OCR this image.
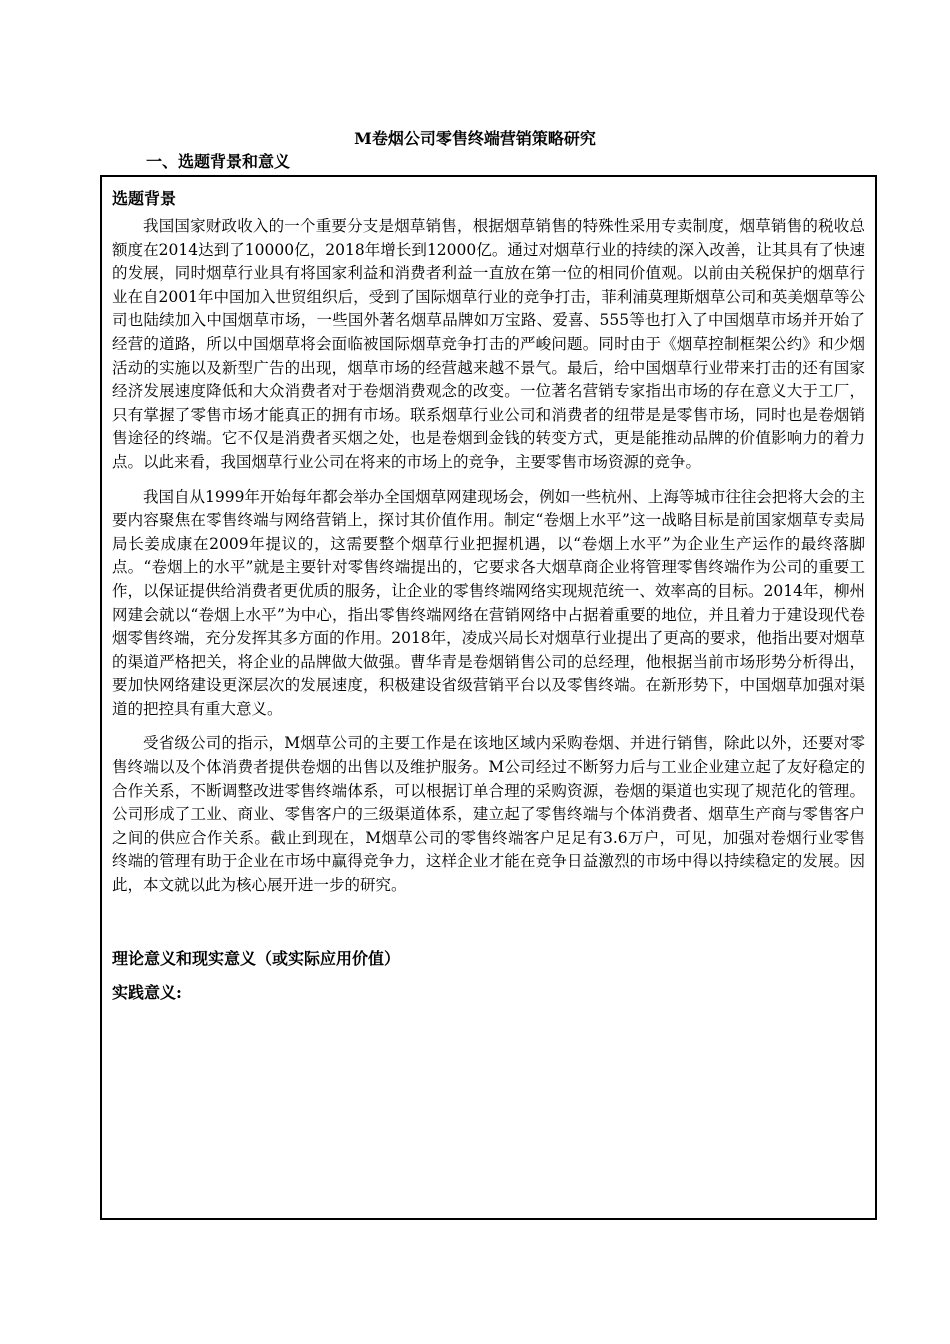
M卷烟公司零售终端营销策略研究
一、选题背景和意义
选题背景

我国国家财政收入的一个重要分支是烟草销售，根据烟草销售的特殊性采用专卖制度，烟草销售的税收总额度在2014达到了10000亿，2018年增长到12000亿。通过对烟草行业的持续的深入改善，让其具有了快速的发展，同时烟草行业具有将国家利益和消费者利益一直放在第一位的相同价值观。以前由关税保护的烟草行业在自2001年中国加入世贸组织后，受到了国际烟草行业的竞争打击，菲利浦莫理斯烟草公司和英美烟草等公司也陆续加入中国烟草市场，一些国外著名烟草品牌如万宝路、爱喜、555等也打入了中国烟草市场并开始了经营的道路，所以中国烟草将会面临被国际烟草竞争打击的严峻问题。同时由于《烟草控制框架公约》和少烟活动的实施以及新型广告的出现，烟草市场的经营越来越不景气。最后，给中国烟草行业带来打击的还有国家经济发展速度降低和大众消费者对于卷烟消费观念的改变。一位著名营销专家指出市场的存在意义大于工厂，只有掌握了零售市场才能真正的拥有市场。联系烟草行业公司和消费者的纽带是是零售市场，同时也是卷烟销售途径的终端。它不仅是消费者买烟之处，也是卷烟到金钱的转变方式，更是能推动品牌的价值影响力的着力点。以此来看，我国烟草行业公司在将来的市场上的竞争，主要零售市场资源的竞争。

我国自从1999年开始每年都会举办全国烟草网建现场会，例如一些杭州、上海等城市往往会把将大会的主要内容聚焦在零售终端与网络营销上，探讨其价值作用。制定“卷烟上水平”这一战略目标是前国家烟草专卖局局长姜成康在2009年提议的，这需要整个烟草行业把握机遇，以“卷烟上水平”为企业生产运作的最终落脚点。“卷烟上的水平”就是主要针对零售终端提出的，它要求各大烟草商企业将管理零售终端作为公司的重要工作，以保证提供给消费者更优质的服务，让企业的零售终端网络实现规范统一、效率高的目标。2014年，柳州网建会就以“卷烟上水平”为中心，指出零售终端网络在营销网络中占据着重要的地位，并且着力于建设现代卷烟零售终端，充分发挥其多方面的作用。2018年，凌成兴局长对烟草行业提出了更高的要求，他指出要对烟草的渠道严格把关，将企业的品牌做大做强。曹华青是卷烟销售公司的总经理，他根据当前市场形势分析得出，要加快网络建设更深层次的发展速度，积极建设省级营销平台以及零售终端。在新形势下，中国烟草加强对渠道的把控具有重大意义。

受省级公司的指示，M烟草公司的主要工作是在该地区域内采购卷烟、并进行销售，除此以外，还要对零售终端以及个体消费者提供卷烟的出售以及维护服务。M公司经过不断努力后与工业企业建立起了友好稳定的合作关系，不断调整改进零售终端体系，可以根据订单合理的采购资源，卷烟的渠道也实现了规范化的管理。公司形成了工业、商业、零售客户的三级渠道体系，建立起了零售终端与个体消费者、烟草生产商与零售客户之间的供应合作关系。截止到现在，M烟草公司的零售终端客户足足有3.6万户，可见，加强对卷烟行业零售终端的管理有助于企业在市场中赢得竞争力，这样企业才能在竞争日益激烈的市场中得以持续稳定的发展。因此，本文就以此为核心展开进一步的研究。

理论意义和现实意义（或实际应用价值）
实践意义:
